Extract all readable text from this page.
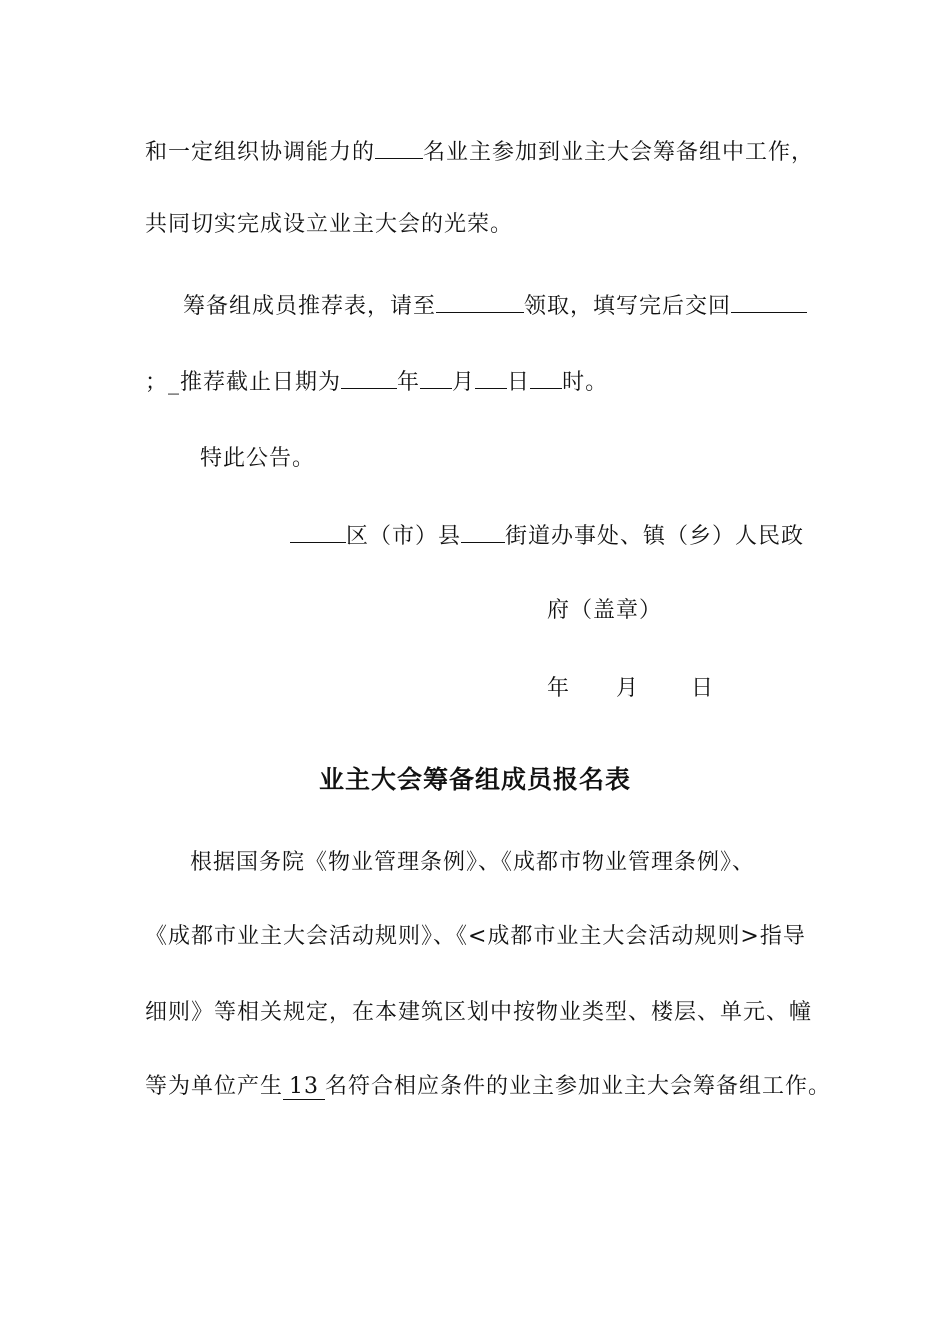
和一定组织协调能力的 名业主参加到业主大会筹备组中工作，
共同切实完成设立业主大会的光荣。
筹备组成员推荐表，请至	领取，填写完后交回
；_推荐截止日期为	年 月 日 时。
特此公告。
区（市）县 街道办事处、镇（乡）人民政
府（盖章）
年 月 日
业主大会筹备组成员报名表
根据国务院《物业管理条例》、《成都市物业管理条例》、
《成都市业主大会活动规则》、《<成都市业主大会活动规则>指导
细则》等相关规定，在本建筑区划中按物业类型、楼层、单元、幢
等为单位产生 13 名符合相应条件的业主参加业主大会筹备组工作。
